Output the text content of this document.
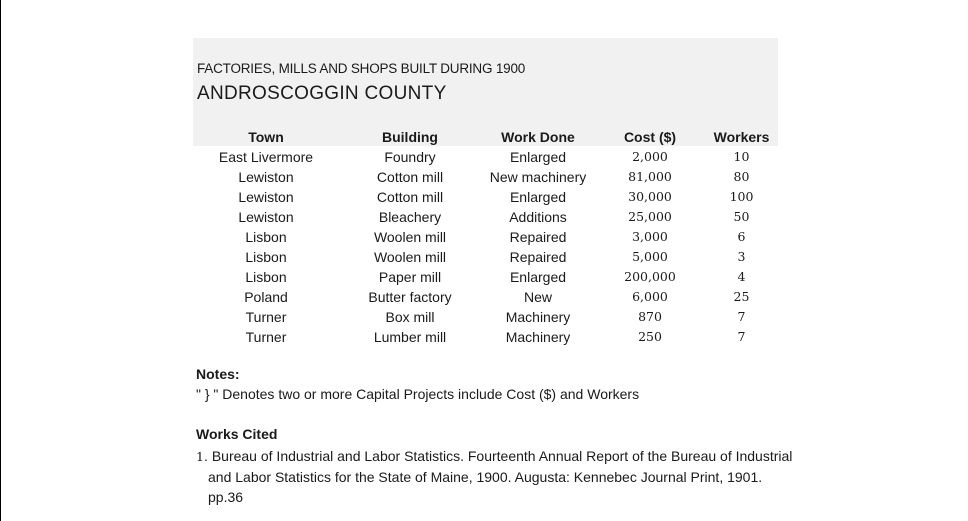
FACTORIES, MILLS AND SHOPS BUILT DURING 1900
ANDROSCOGGIN COUNTY
Town	Building	Work Done	Cost ($)	Workers
East Livermore	Foundry	Enlarged	2,000	10
Lewiston	Cotton mill	New machinery	81,000	80
Lewiston	Cotton mill	Enlarged	30,000	100
Lewiston	Bleachery	Additions	25,000	50
Lisbon	Woolen mill	Repaired	3,000	6
Lisbon	Woolen mill	Repaired	5,000	3
Lisbon	Paper mill	Enlarged	200,000	4
Poland	Butter factory	New	6,000	25
Turner	Box mill	Machinery	870	7
Turner	Lumber mill	Machinery	250	7
Notes:
" } " Denotes two or more Capital Projects include Cost ($) and Workers
Works Cited
1. Bureau of Industrial and Labor Statistics. Fourteenth Annual Report of the Bureau of Industrial
and Labor Statistics for the State of Maine, 1900. Augusta: Kennebec Journal Print, 1901. pp.36
